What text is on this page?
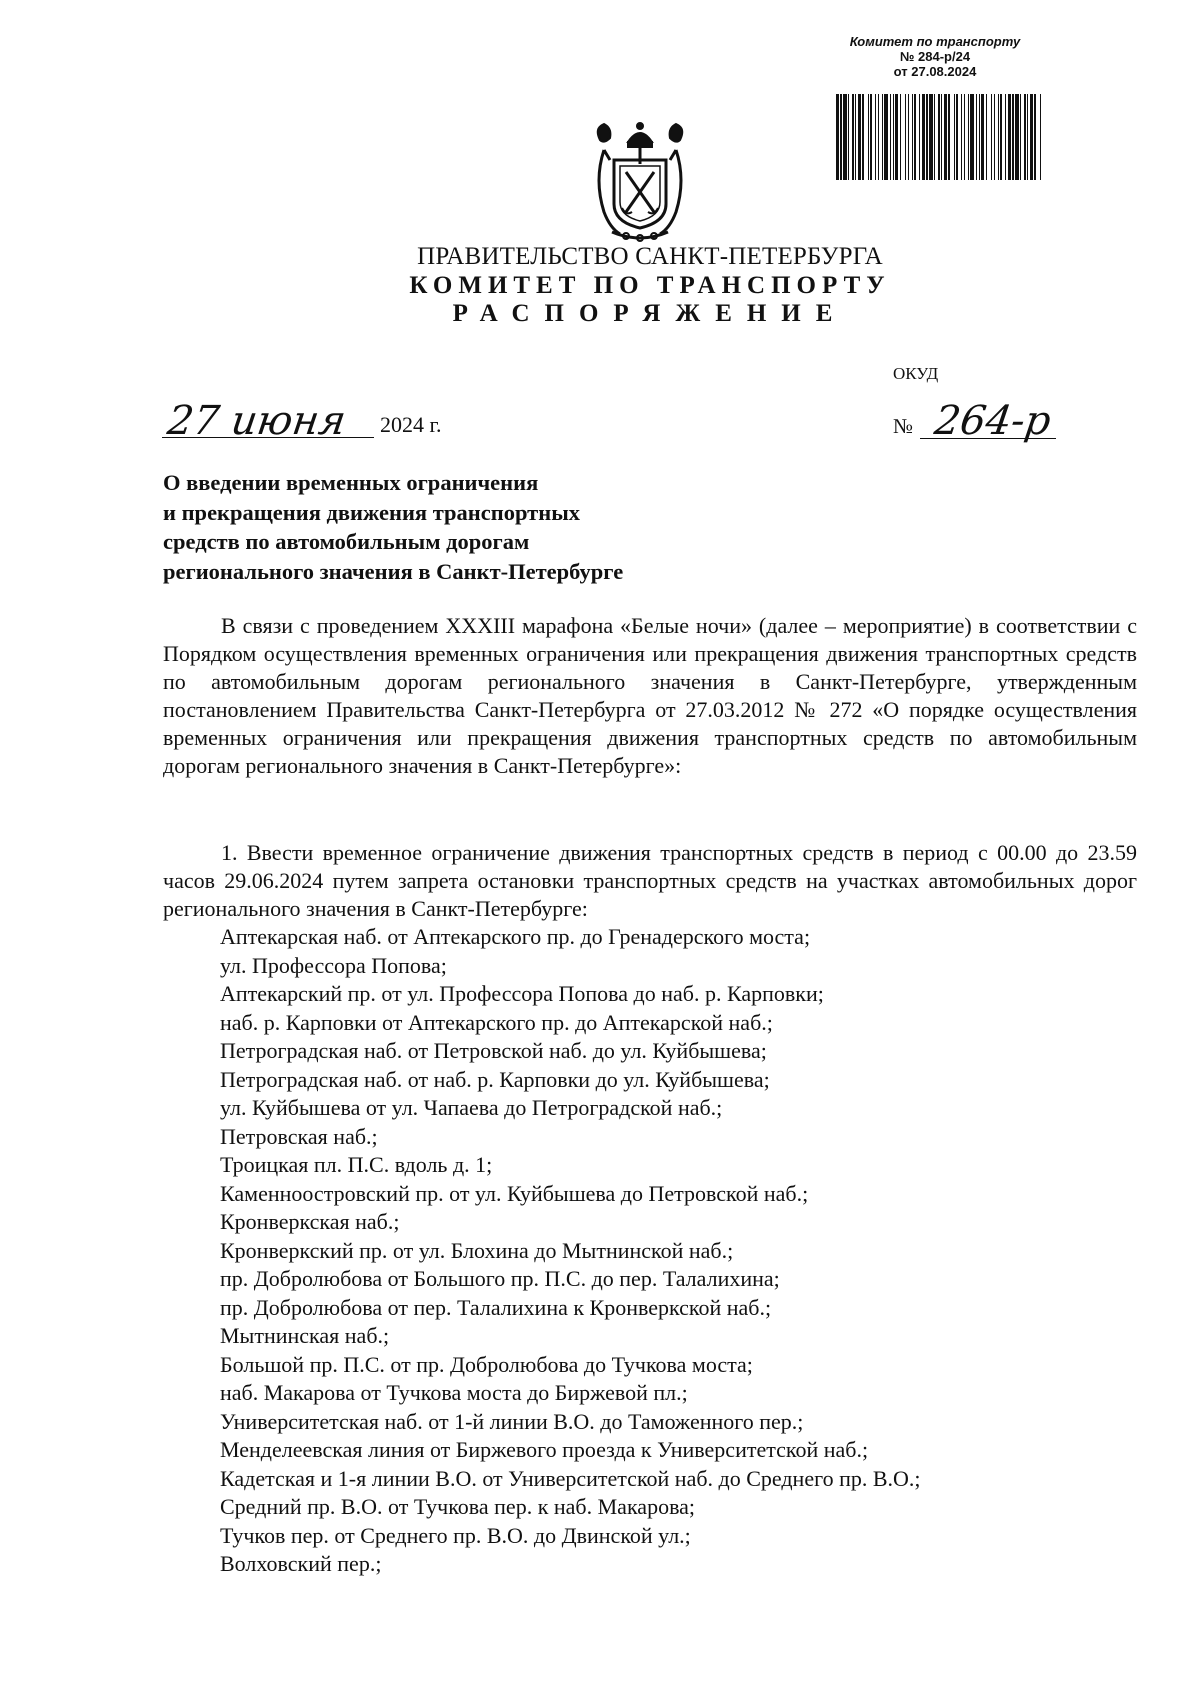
Комитет по транспорту
№ 284-р/24
от 27.08.2024
ПРАВИТЕЛЬСТВО САНКТ-ПЕТЕРБУРГА
КОМИТЕТ ПО ТРАНСПОРТУ
РАСПОРЯЖЕНИЕ
ОКУД
27 июня 2024 г.	№ 264-р
О введении временных ограничения
и прекращения движения транспортных
средств по автомобильным дорогам
регионального значения в Санкт-Петербурге

В связи с проведением XXXIII марафона «Белые ночи» (далее – мероприятие) в соответствии с Порядком осуществления временных ограничения или прекращения движения транспортных средств по автомобильным дорогам регионального значения в Санкт-Петербурге, утвержденным постановлением Правительства Санкт-Петербурга от 27.03.2012 № 272 «О порядке осуществления временных ограничения или прекращения движения транспортных средств по автомобильным дорогам регионального значения в Санкт-Петербурге»:

1. Ввести временное ограничение движения транспортных средств в период с 00.00 до 23.59 часов 29.06.2024 путем запрета остановки транспортных средств на участках автомобильных дорог регионального значения в Санкт-Петербурге:

Аптекарская наб. от Аптекарского пр. до Гренадерского моста;
ул. Профессора Попова;
Аптекарский пр. от ул. Профессора Попова до наб. р. Карповки;
наб. р. Карповки от Аптекарского пр. до Аптекарской наб.;
Петроградская наб. от Петровской наб. до ул. Куйбышева;
Петроградская наб. от наб. р. Карповки до ул. Куйбышева;
ул. Куйбышева от ул. Чапаева до Петроградской наб.;
Петровская наб.;
Троицкая пл. П.С. вдоль д. 1;
Каменноостровский пр. от ул. Куйбышева до Петровской наб.;
Кронверкская наб.;
Кронверкский пр. от ул. Блохина до Мытнинской наб.;
пр. Добролюбова от Большого пр. П.С. до пер. Талалихина;
пр. Добролюбова от пер. Талалихина к Кронверкской наб.;
Мытнинская наб.;
Большой пр. П.С. от пр. Добролюбова до Тучкова моста;
наб. Макарова от Тучкова моста до Биржевой пл.;
Университетская наб. от 1-й линии В.О. до Таможенного пер.;
Менделеевская линия от Биржевого проезда к Университетской наб.;
Кадетская и 1-я линии В.О. от Университетской наб. до Среднего пр. В.О.;
Средний пр. В.О. от Тучкова пер. к наб. Макарова;
Тучков пер. от Среднего пр. В.О. до Двинской ул.;
Волховский пер.;
